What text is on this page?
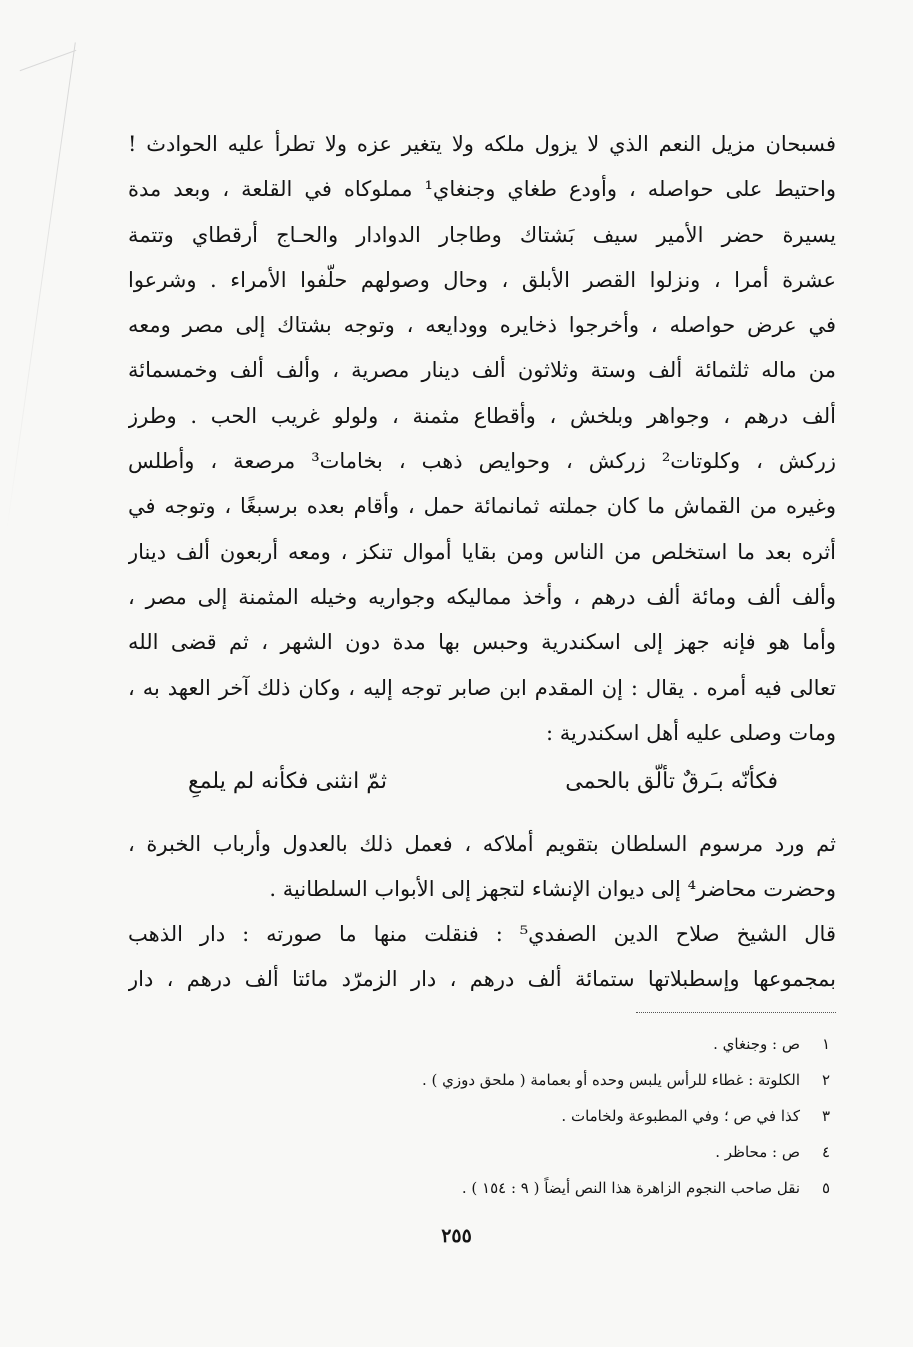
فسبحان مزيل النعم الذي لا يزول ملكه ولا يتغير عزه ولا تطرأ عليه الحوادث !
واحتيط على حواصله ، وأودع طغاي وجنغاي¹ مملوكاه في القلعة ، وبعد مدة
يسيرة حضر الأمير سيف بَشتاك وطاجار الدوادار والحـاج أرقطاي وتتمة
عشرة أمرا ، ونزلوا القصر الأبلق ، وحال وصولهم حلّفوا الأمراء . وشرعوا
في عرض حواصله ، وأخرجوا ذخايره وودايعه ، وتوجه بشتاك إلى مصر ومعه
من ماله ثلثمائة ألف وستة وثلاثون ألف دينار مصرية ، وألف ألف وخمسمائة
ألف درهم ، وجواهر وبلخش ، وأقطاع مثمنة ، ولولو غريب الحب . وطرز
زركش ، وكلوتات² زركش ، وحوايص ذهب ، بخامات³ مرصعة ، وأطلس
وغيره من القماش ما كان جملته ثمانمائة حمل ، وأقام بعده برسبغًا ، وتوجه في
أثره بعد ما استخلص من الناس ومن بقايا أموال تنكز ، ومعه أربعون ألف دينار
وألف ألف ومائة ألف درهم ، وأخذ مماليكه وجواريه وخيله المثمنة إلى مصر ،
وأما هو فإنه جهز إلى اسكندرية وحبس بها مدة دون الشهر ، ثم قضى الله
تعالى فيه أمره . يقال : إن المقدم ابن صابر توجه إليه ، وكان ذلك آخر العهد به ،
ومات وصلى عليه أهل اسكندرية :
فكأنّه بـَرقٌ تألّق بالحمى
ثمّ انثنى فكأنه لم يلمعِ
ثم ورد مرسوم السلطان بتقويم أملاكه ، فعمل ذلك بالعدول وأرباب الخبرة ،
وحضرت محاضر⁴ إلى ديوان الإنشاء لتجهز إلى الأبواب السلطانية .
قال الشيخ صلاح الدين الصفدي⁵ : فنقلت منها ما صورته : دار الذهب
بمجموعها وإسطبلاتها ستمائة ألف درهم ، دار الزمرّد مائتا ألف درهم ، دار
١ص : وجنغاي .
٢الكلوتة : غطاء للرأس يلبس وحده أو بعمامة ( ملحق دوزي ) .
٣كذا في ص ؛ وفي المطبوعة ولخامات .
٤ص : محاظر .
٥نقل صاحب النجوم الزاهرة هذا النص أيضاً ( ٩ : ١٥٤ ) .
٢٥٥
